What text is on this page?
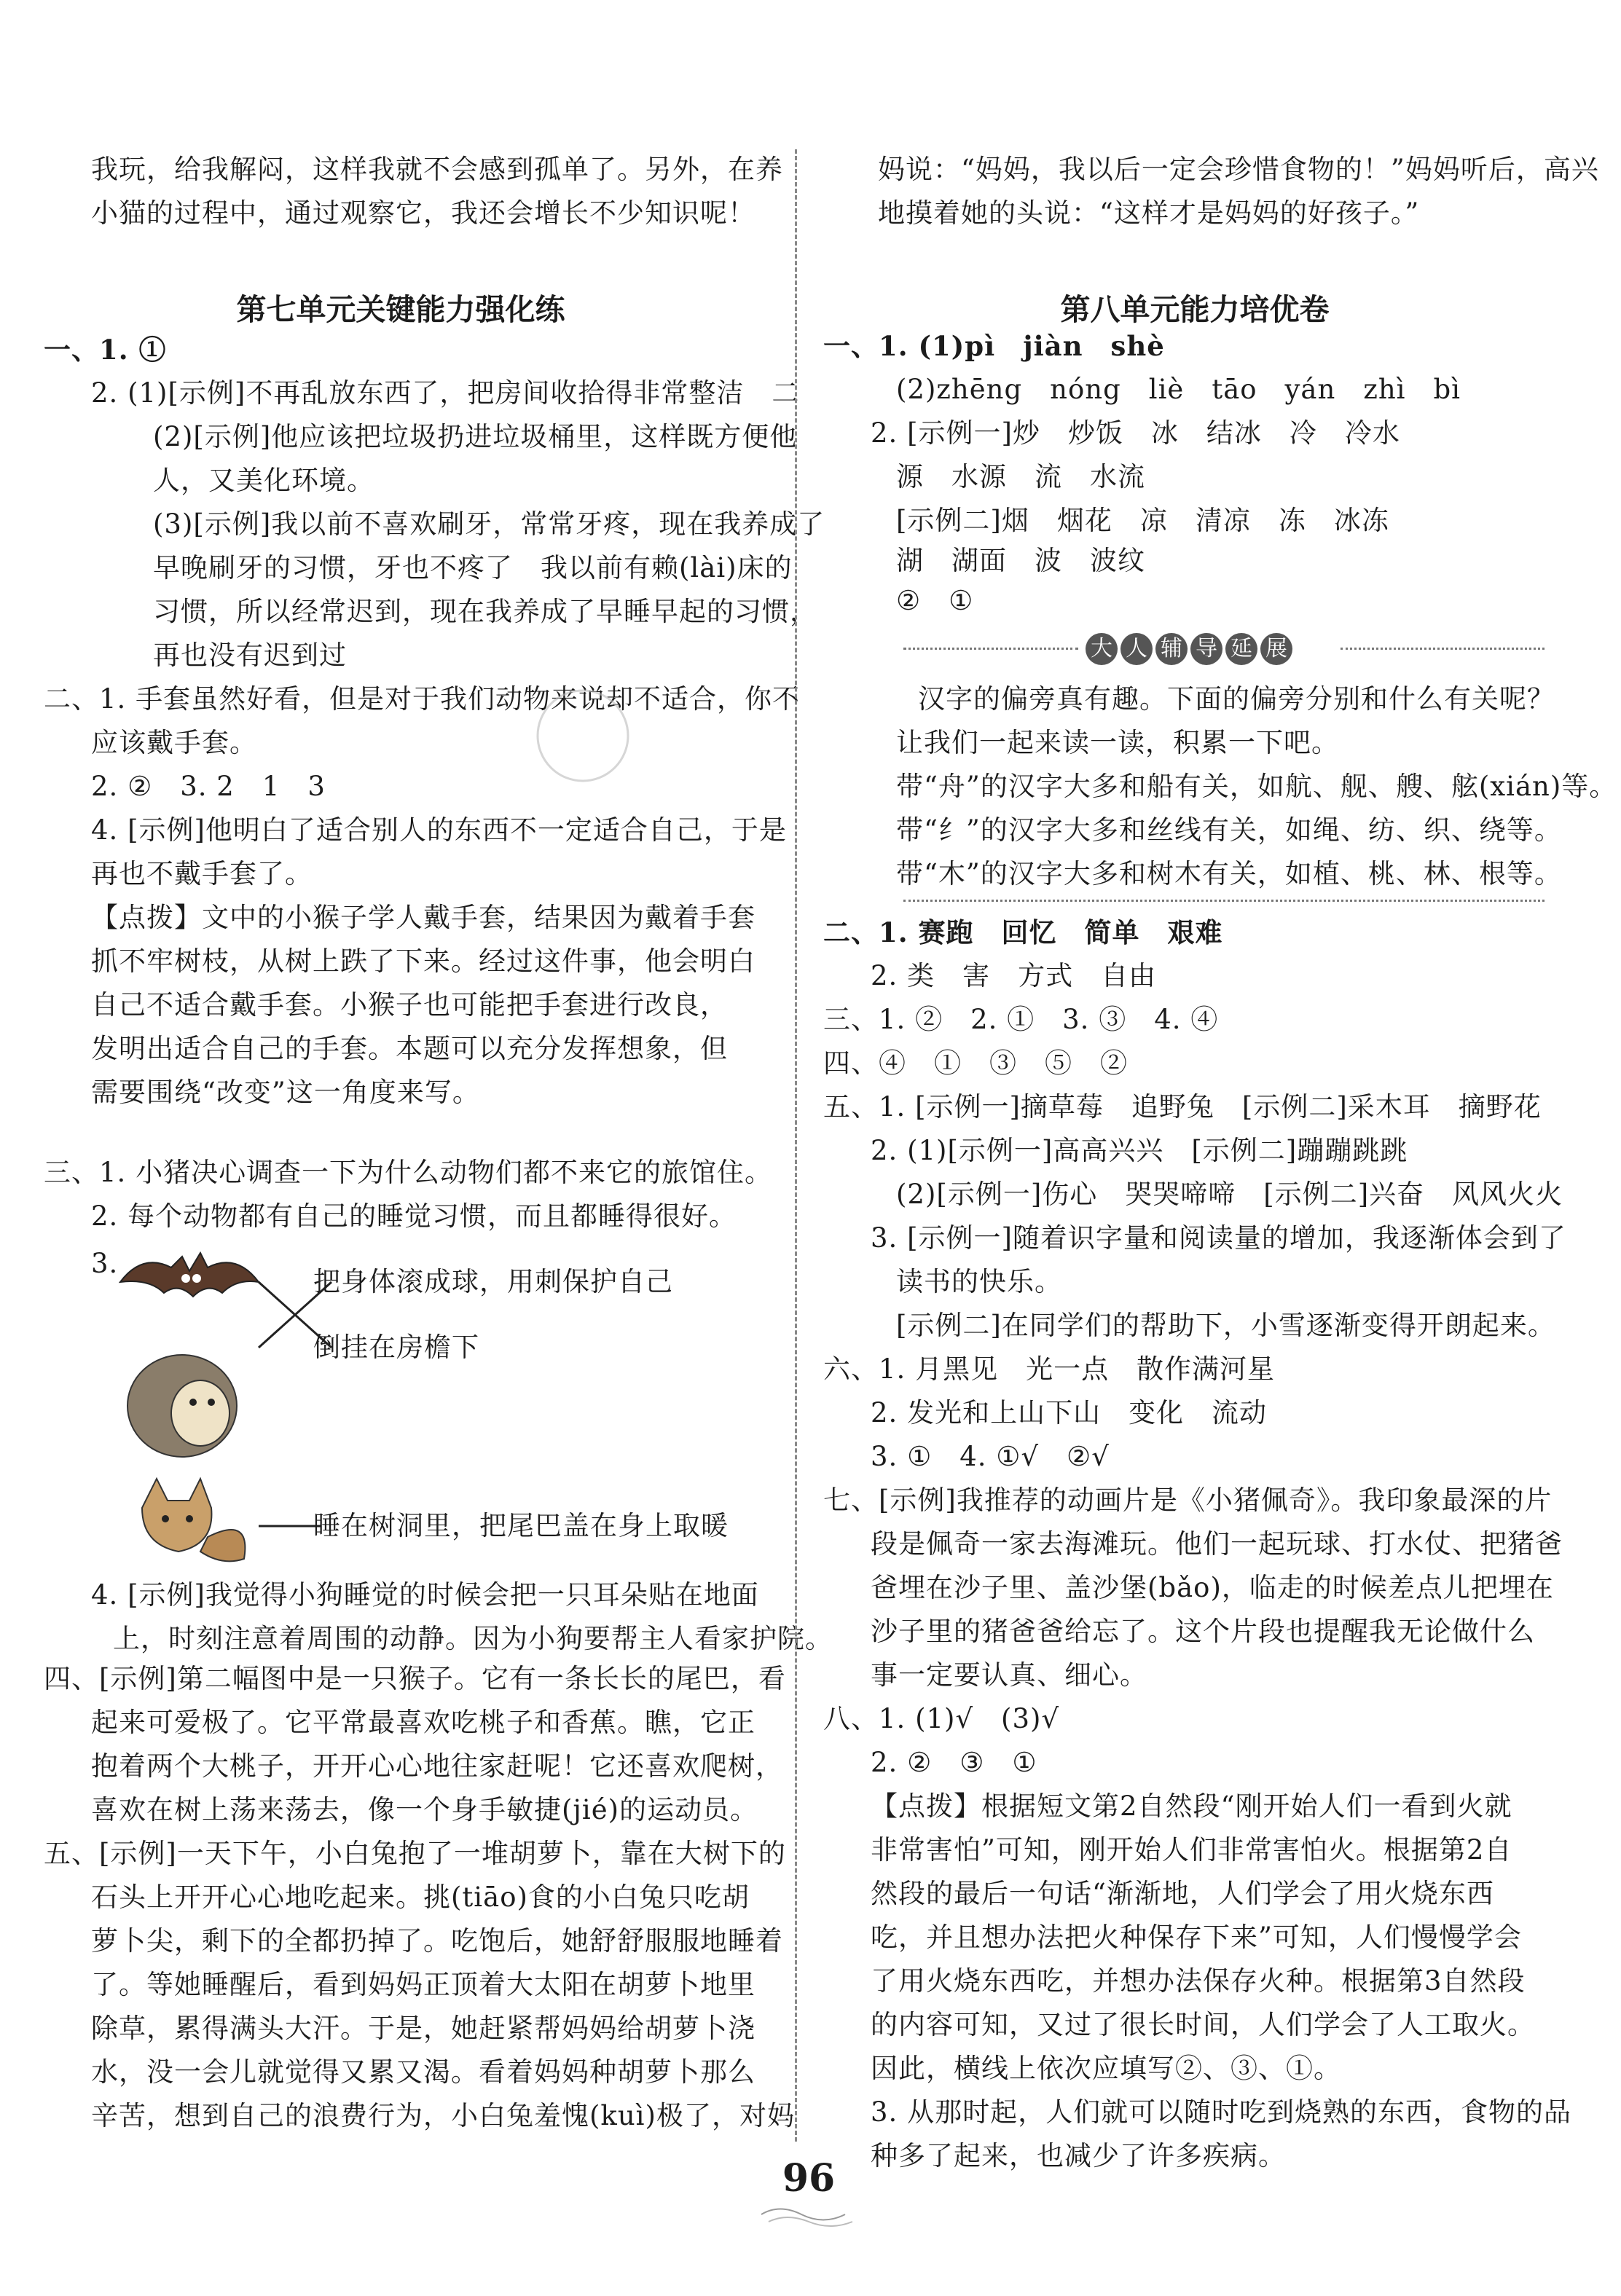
我玩，给我解闷，这样我就不会感到孤单了。另外，在养
小猫的过程中，通过观察它，我还会增长不少知识呢！
第七单元关键能力强化练
一、1. ①
2. (1)[示例]不再乱放东西了，把房间收拾得非常整洁　二
(2)[示例]他应该把垃圾扔进垃圾桶里，这样既方便他
人，又美化环境。
(3)[示例]我以前不喜欢刷牙，常常牙疼，现在我养成了
早晚刷牙的习惯，牙也不疼了　我以前有赖(lài)床的
习惯，所以经常迟到，现在我养成了早睡早起的习惯，
再也没有迟到过
二、1. 手套虽然好看，但是对于我们动物来说却不适合，你不
应该戴手套。
2. ②　3. 2　1　3
4. [示例]他明白了适合别人的东西不一定适合自己，于是
再也不戴手套了。
【点拨】文中的小猴子学人戴手套，结果因为戴着手套
抓不牢树枝，从树上跌了下来。经过这件事，他会明白
自己不适合戴手套。小猴子也可能把手套进行改良，
发明出适合自己的手套。本题可以充分发挥想象，但
需要围绕“改变”这一角度来写。
三、1. 小猪决心调查一下为什么动物们都不来它的旅馆住。
2. 每个动物都有自己的睡觉习惯，而且都睡得很好。
3.
把身体滚成球，用刺保护自己
倒挂在房檐下
睡在树洞里，把尾巴盖在身上取暖
4. [示例]我觉得小狗睡觉的时候会把一只耳朵贴在地面
上，时刻注意着周围的动静。因为小狗要帮主人看家护院。
四、[示例]第二幅图中是一只猴子。它有一条长长的尾巴，看
起来可爱极了。它平常最喜欢吃桃子和香蕉。瞧，它正
抱着两个大桃子，开开心心地往家赶呢！它还喜欢爬树，
喜欢在树上荡来荡去，像一个身手敏捷(jié)的运动员。
五、[示例]一天下午，小白兔抱了一堆胡萝卜，靠在大树下的
石头上开开心心地吃起来。挑(tiāo)食的小白兔只吃胡
萝卜尖，剩下的全都扔掉了。吃饱后，她舒舒服服地睡着
了。等她睡醒后，看到妈妈正顶着大太阳在胡萝卜地里
除草，累得满头大汗。于是，她赶紧帮妈妈给胡萝卜浇
水，没一会儿就觉得又累又渴。看着妈妈种胡萝卜那么
辛苦，想到自己的浪费行为，小白兔羞愧(kuì)极了，对妈
妈说：“妈妈，我以后一定会珍惜食物的！”妈妈听后，高兴
地摸着她的头说：“这样才是妈妈的好孩子。”
第八单元能力培优卷
一、1. (1)pì　jiàn　shè
(2)zhēng　nóng　liè　tāo　yán　zhì　bì
2. [示例一]炒　炒饭　冰　结冰　冷　冷水
源　水源　流　水流
[示例二]烟　烟花　凉　清凉　冻　冰冻
湖　湖面　波　波纹
②　①
大 人 辅 导 延 展
汉字的偏旁真有趣。下面的偏旁分别和什么有关呢？
让我们一起来读一读，积累一下吧。
带“舟”的汉字大多和船有关，如航、舰、艘、舷(xián)等。
带“纟”的汉字大多和丝线有关，如绳、纺、织、绕等。
带“木”的汉字大多和树木有关，如植、桃、林、根等。
二、1. 赛跑　回忆　简单　艰难
2. 类　害　方式　自由
三、1. ②　2. ①　3. ③　4. ④
四、④　①　③　⑤　②
五、1. [示例一]摘草莓　追野兔　[示例二]采木耳　摘野花
2. (1)[示例一]高高兴兴　[示例二]蹦蹦跳跳
(2)[示例一]伤心　哭哭啼啼　[示例二]兴奋　风风火火
3. [示例一]随着识字量和阅读量的增加，我逐渐体会到了
读书的快乐。
[示例二]在同学们的帮助下，小雪逐渐变得开朗起来。
六、1. 月黑见　光一点　散作满河星
2. 发光和上山下山　变化　流动
3. ①　4. ①√　②√
七、[示例]我推荐的动画片是《小猪佩奇》。我印象最深的片
段是佩奇一家去海滩玩。他们一起玩球、打水仗、把猪爸
爸埋在沙子里、盖沙堡(bǎo)，临走的时候差点儿把埋在
沙子里的猪爸爸给忘了。这个片段也提醒我无论做什么
事一定要认真、细心。
八、1. (1)√　(3)√
2. ②　③　①
【点拨】根据短文第2自然段“刚开始人们一看到火就
非常害怕”可知，刚开始人们非常害怕火。根据第2自
然段的最后一句话“渐渐地，人们学会了用火烧东西
吃，并且想办法把火种保存下来”可知，人们慢慢学会
了用火烧东西吃，并想办法保存火种。根据第3自然段
的内容可知，又过了很长时间，人们学会了人工取火。
因此，横线上依次应填写②、③、①。
3. 从那时起，人们就可以随时吃到烧熟的东西，食物的品
种多了起来，也减少了许多疾病。
96
